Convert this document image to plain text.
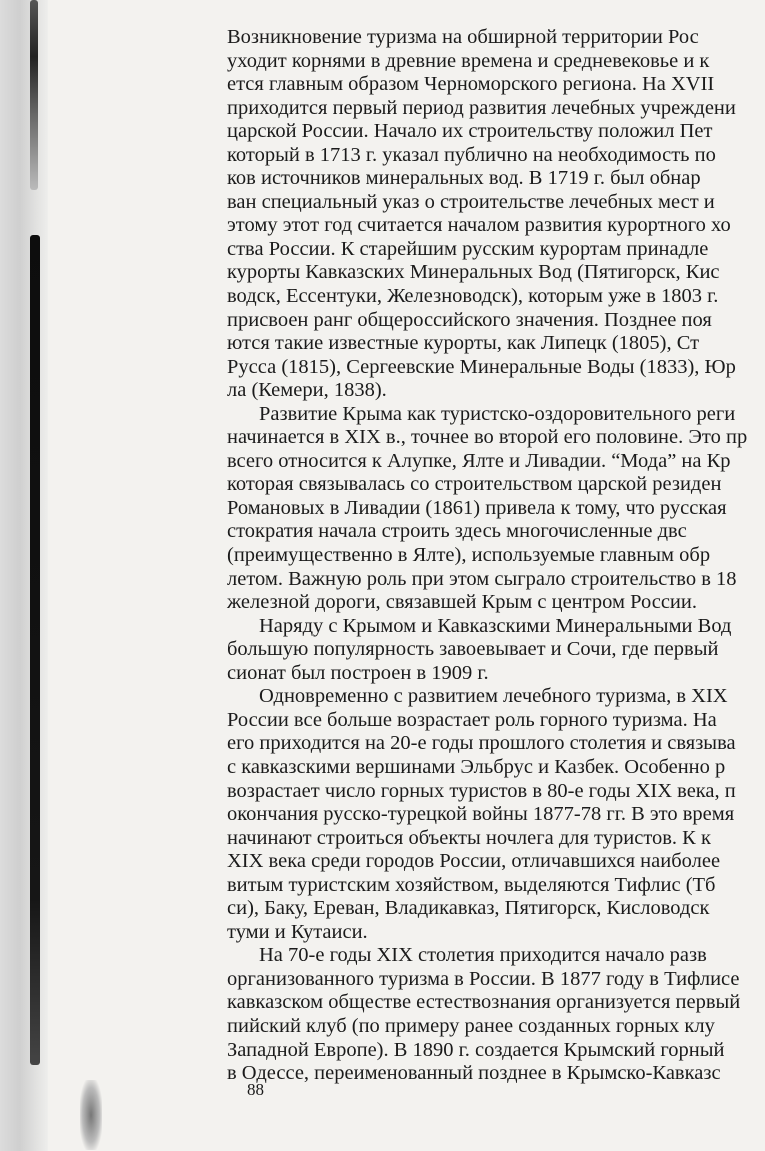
Возникновение туризма на обширной территории Рос
уходит корнями в древние времена и средневековье и к
ется главным образом Черноморского региона. На XVII
приходится первый период развития лечебных учреждени
царской России. Начало их строительству положил Пет
который в 1713 г. указал публично на необходимость по
ков источников минеральных вод. В 1719 г. был обнар
ван специальный указ о строительстве лечебных мест и
этому этот год считается началом развития курортного хо
ства России. К старейшим русским курортам принадле
курорты Кавказских Минеральных Вод (Пятигорск, Кис
водск, Ессентуки, Железноводск), которым уже в 1803 г.
присвоен ранг общероссийского значения. Позднее поя
ются такие известные курорты, как Липецк (1805), Ст
Русса (1815), Сергеевские Минеральные Воды (1833), Юр
ла (Кемери, 1838).
Развитие Крыма как туристско-оздоровительного реги
начинается в XIX в., точнее во второй его половине. Это пр
всего относится к Алупке, Ялте и Ливадии. “Мода” на Кр
которая связывалась со строительством царской резиден
Романовых в Ливадии (1861) привела к тому, что русская
стократия начала строить здесь многочисленные двс
(преимущественно в Ялте), используемые главным обр
летом. Важную роль при этом сыграло строительство в 18
железной дороги, связавшей Крым с центром России.
Наряду с Крымом и Кавказскими Минеральными Вод
большую популярность завоевывает и Сочи, где первый
сионат был построен в 1909 г.
Одновременно с развитием лечебного туризма, в XIX
России все больше возрастает роль горного туризма. На
его приходится на 20-е годы прошлого столетия и связыва
с кавказскими вершинами Эльбрус и Казбек. Особенно р
возрастает число горных туристов в 80-е годы XIX века, п
окончания русско-турецкой войны 1877-78 гг. В это время
начинают строиться объекты ночлега для туристов. К к
XIX века среди городов России, отличавшихся наиболее
витым туристским хозяйством, выделяются Тифлис (Тб
си), Баку, Ереван, Владикавказ, Пятигорск, Кисловодск
туми и Кутаиси.
На 70-е годы XIX столетия приходится начало разв
организованного туризма в России. В 1877 году в Тифлисе
кавказском обществе естествознания организуется первый
пийский клуб (по примеру ранее созданных горных клу
Западной Европе). В 1890 г. создается Крымский горный
в Одессе, переименованный позднее в Крымско-Кавказс
88
